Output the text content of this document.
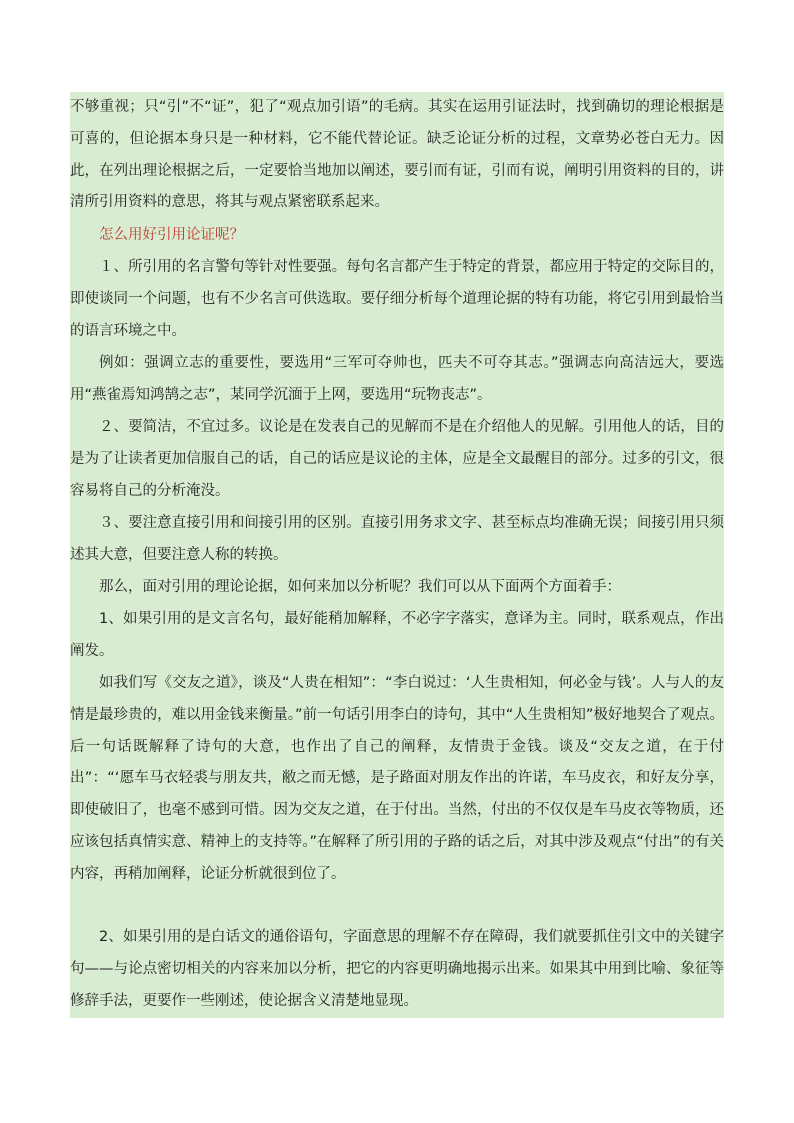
不够重视；只“引”不“证”，犯了“观点加引语”的毛病。其实在运用引证法时，找到确切的理论根据是可喜的，但论据本身只是一种材料，它不能代替论证。缺乏论证分析的过程，文章势必苍白无力。因此，在列出理论根据之后，一定要恰当地加以阐述，要引而有证，引而有说，阐明引用资料的目的，讲清所引用资料的意思，将其与观点紧密联系起来。

怎么用好引用论证呢？

１、所引用的名言警句等针对性要强。每句名言都产生于特定的背景，都应用于特定的交际目的，即使谈同一个问题，也有不少名言可供选取。要仔细分析每个道理论据的特有功能，将它引用到最恰当的语言环境之中。

例如：强调立志的重要性，要选用“三军可夺帅也，匹夫不可夺其志。”强调志向高洁远大，要选用“燕雀焉知鸿鹄之志”，某同学沉湎于上网，要选用“玩物丧志”。

２、要简洁，不宜过多。议论是在发表自己的见解而不是在介绍他人的见解。引用他人的话，目的是为了让读者更加信服自己的话，自己的话应是议论的主体，应是全文最醒目的部分。过多的引文，很容易将自己的分析淹没。

３、要注意直接引用和间接引用的区别。直接引用务求文字、甚至标点均准确无误；间接引用只须述其大意，但要注意人称的转换。

那么，面对引用的理论论据，如何来加以分析呢？我们可以从下面两个方面着手：

1、如果引用的是文言名句，最好能稍加解释，不必字字落实，意译为主。同时，联系观点，作出阐发。

如我们写《交友之道》，谈及“人贵在相知”：“李白说过：‘人生贵相知，何必金与钱’。人与人的友情是最珍贵的，难以用金钱来衡量。”前一句话引用李白的诗句，其中“人生贵相知”极好地契合了观点。后一句话既解释了诗句的大意，也作出了自己的阐释，友情贵于金钱。谈及“交友之道，在于付出”：“‘愿车马衣轻裘与朋友共，敝之而无憾，是子路面对朋友作出的许诺，车马皮衣，和好友分享，即使破旧了，也毫不感到可惜。因为交友之道，在于付出。当然，付出的不仅仅是车马皮衣等物质，还应该包括真情实意、精神上的支持等。”在解释了所引用的子路的话之后，对其中涉及观点“付出”的有关内容，再稍加阐释，论证分析就很到位了。

2、如果引用的是白话文的通俗语句，字面意思的理解不存在障碍，我们就要抓住引文中的关键字句——与论点密切相关的内容来加以分析，把它的内容更明确地揭示出来。如果其中用到比喻、象征等修辞手法，更要作一些刚述，使论据含义清楚地显现。
